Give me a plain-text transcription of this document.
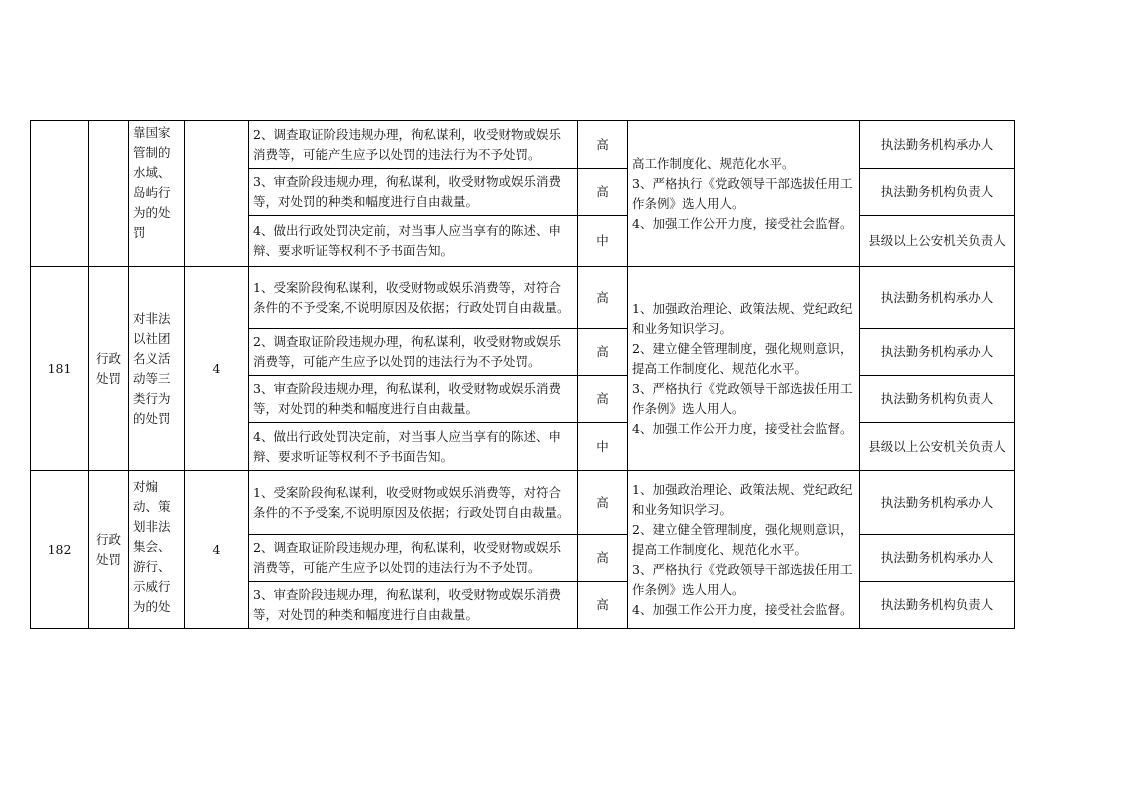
		靠国家管制的水域、岛屿行为的处罚		2、调查取证阶段违规办理，徇私谋利，收受财物或娱乐消费等，可能产生应予以处罚的违法行为不予处罚。	高	高工作制度化、规范化水平。
3、严格执行《党政领导干部选拔任用工作条例》选人用人。
4、加强工作公开力度，接受社会监督。	执法勤务机构承办人
				3、审查阶段违规办理，徇私谋利，收受财物或娱乐消费等，对处罚的种类和幅度进行自由裁量。	高		执法勤务机构负责人
				4、做出行政处罚决定前，对当事人应当享有的陈述、申辩、要求听证等权利不予书面告知。	中		县级以上公安机关负责人
181	行政处罚	对非法以社团名义活动等三类行为的处罚	4	1、受案阶段徇私谋利，收受财物或娱乐消费等，对符合条件的不予受案,不说明原因及依据；行政处罚自由裁量。	高	1、加强政治理论、政策法规、党纪政纪和业务知识学习。
2、建立健全管理制度，强化规则意识，提高工作制度化、规范化水平。
3、严格执行《党政领导干部选拔任用工作条例》选人用人。
4、加强工作公开力度，接受社会监督。	执法勤务机构承办人
				2、调查取证阶段违规办理，徇私谋利，收受财物或娱乐消费等，可能产生应予以处罚的违法行为不予处罚。	高		执法勤务机构承办人
				3、审查阶段违规办理，徇私谋利，收受财物或娱乐消费等，对处罚的种类和幅度进行自由裁量。	高		执法勤务机构负责人
				4、做出行政处罚决定前，对当事人应当享有的陈述、申辩、要求听证等权利不予书面告知。	中		县级以上公安机关负责人
182	行政处罚	对煽动、策划非法集会、游行、示威行为的处	4	1、受案阶段徇私谋利，收受财物或娱乐消费等，对符合条件的不予受案,不说明原因及依据；行政处罚自由裁量。	高	1、加强政治理论、政策法规、党纪政纪和业务知识学习。
2、建立健全管理制度，强化规则意识，提高工作制度化、规范化水平。
3、严格执行《党政领导干部选拔任用工作条例》选人用人。
4、加强工作公开力度，接受社会监督。	执法勤务机构承办人
				2、调查取证阶段违规办理，徇私谋利，收受财物或娱乐消费等，可能产生应予以处罚的违法行为不予处罚。	高		执法勤务机构承办人
				3、审查阶段违规办理，徇私谋利，收受财物或娱乐消费等，对处罚的种类和幅度进行自由裁量。	高		执法勤务机构负责人
